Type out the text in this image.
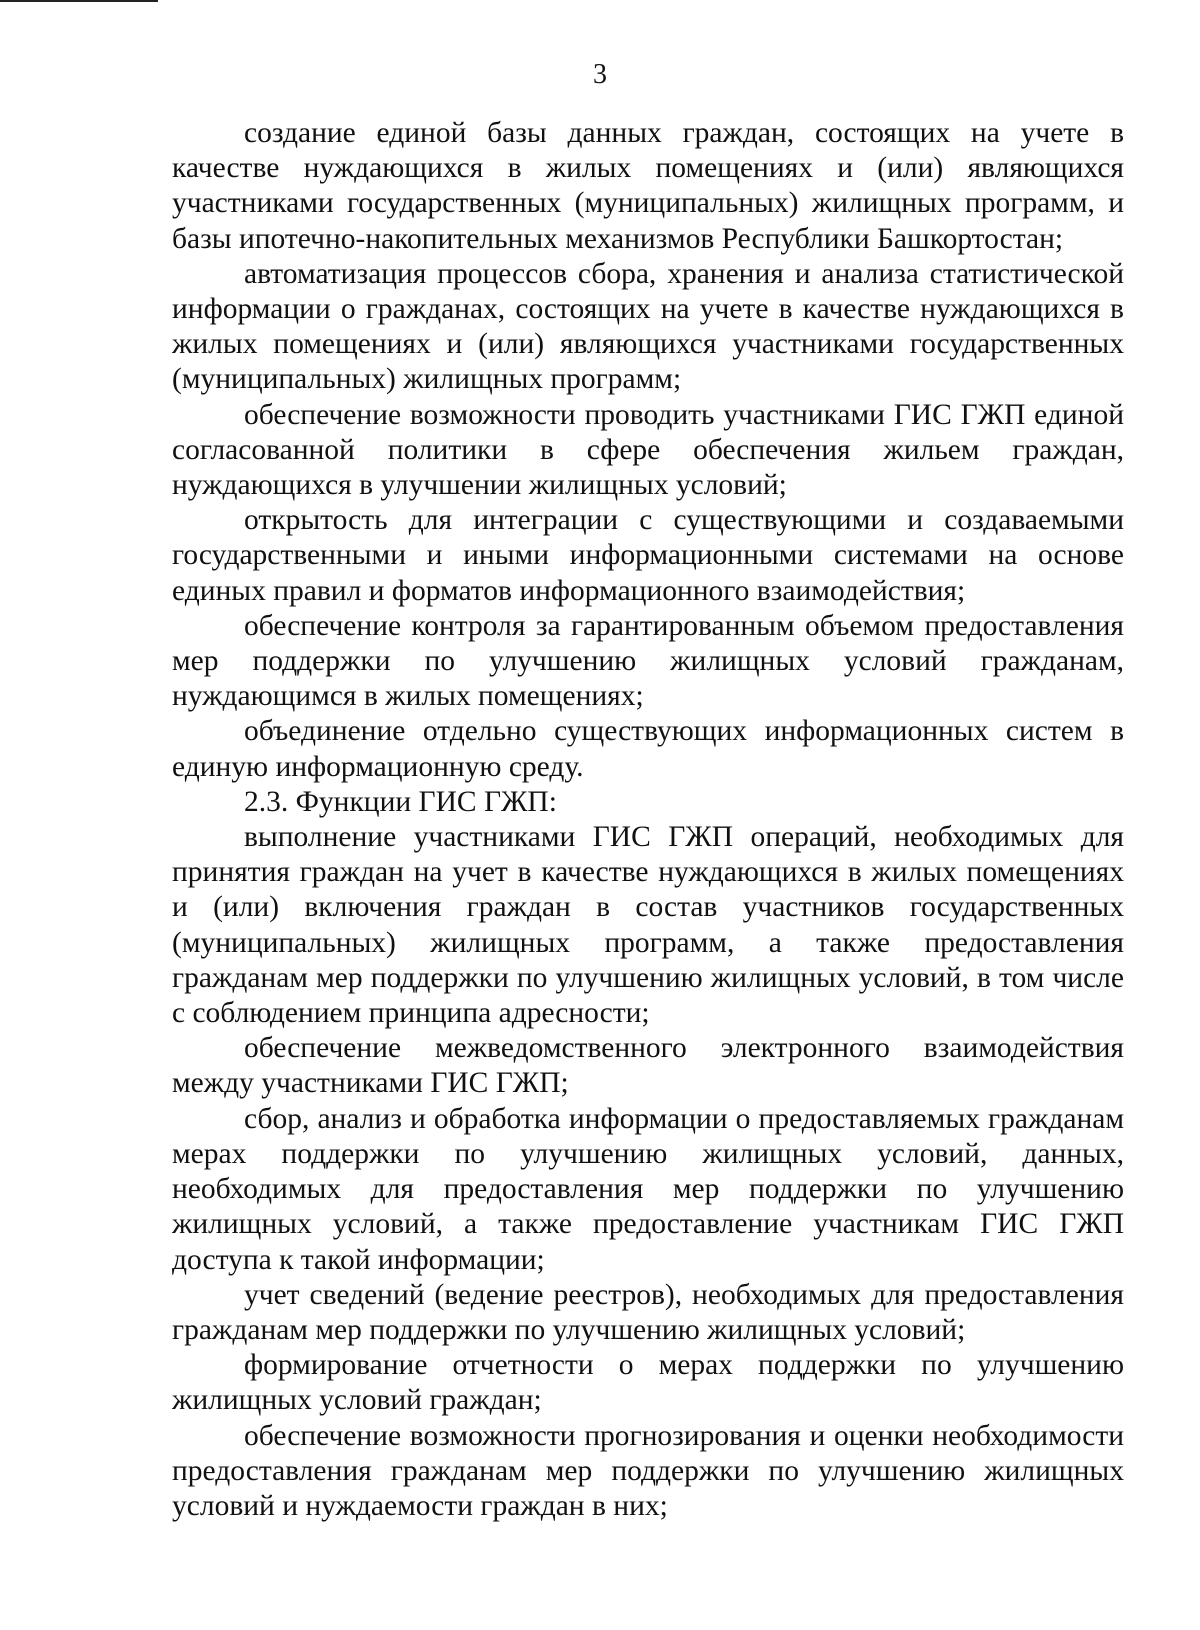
3

создание единой базы данных граждан, состоящих на учете в качестве нуждающихся в жилых помещениях и (или) являющихся участниками государственных (муниципальных) жилищных программ, и базы ипотечно-накопительных механизмов Республики Башкортостан;

автоматизация процессов сбора, хранения и анализа статистической информации о гражданах, состоящих на учете в качестве нуждающихся в жилых помещениях и (или) являющихся участниками государственных (муниципальных) жилищных программ;

обеспечение возможности проводить участниками ГИС ГЖП единой согласованной политики в сфере обеспечения жильем граждан, нуждающихся в улучшении жилищных условий;

открытость для интеграции с существующими и создаваемыми государственными и иными информационными системами на основе единых правил и форматов информационного взаимодействия;

обеспечение контроля за гарантированным объемом предоставления мер поддержки по улучшению жилищных условий гражданам, нуждающимся в жилых помещениях;

объединение отдельно существующих информационных систем в единую информационную среду.

2.3. Функции ГИС ГЖП:

выполнение участниками ГИС ГЖП операций, необходимых для принятия граждан на учет в качестве нуждающихся в жилых помещениях и (или) включения граждан в состав участников государственных (муниципальных) жилищных программ, а также предоставления гражданам мер поддержки по улучшению жилищных условий, в том числе с соблюдением принципа адресности;

обеспечение межведомственного электронного взаимодействия между участниками ГИС ГЖП;

сбор, анализ и обработка информации о предоставляемых гражданам мерах поддержки по улучшению жилищных условий, данных, необходимых для предоставления мер поддержки по улучшению жилищных условий, а также предоставление участникам ГИС ГЖП доступа к такой информации;

учет сведений (ведение реестров), необходимых для предоставления гражданам мер поддержки по улучшению жилищных условий;

формирование отчетности о мерах поддержки по улучшению жилищных условий граждан;

обеспечение возможности прогнозирования и оценки необходимости предоставления гражданам мер поддержки по улучшению жилищных условий и нуждаемости граждан в них;
